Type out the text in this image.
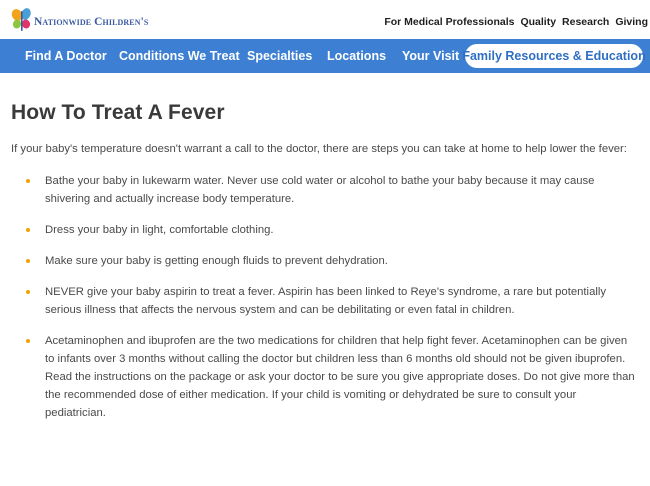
Nationwide Children's	For Medical Professionals Quality Research Giving
Find A Doctor Conditions We Treat Specialties Locations Your Visit Family Resources & Education
How To Treat A Fever

If your baby's temperature doesn't warrant a call to the doctor, there are steps you can take at home to help lower the fever:

Bathe your baby in lukewarm water. Never use cold water or alcohol to bathe your baby because it may cause shivering and actually increase body temperature.
Dress your baby in light, comfortable clothing.
Make sure your baby is getting enough fluids to prevent dehydration.
NEVER give your baby aspirin to treat a fever. Aspirin has been linked to Reye's syndrome, a rare but potentially serious illness that affects the nervous system and can be debilitating or even fatal in children.
Acetaminophen and ibuprofen are the two medications for children that help fight fever. Acetaminophen can be given to infants over 3 months without calling the doctor but children less than 6 months old should not be given ibuprofen. Read the instructions on the package or ask your doctor to be sure you give appropriate doses. Do not give more than the recommended dose of either medication. If your child is vomiting or dehydrated be sure to consult your pediatrician.
